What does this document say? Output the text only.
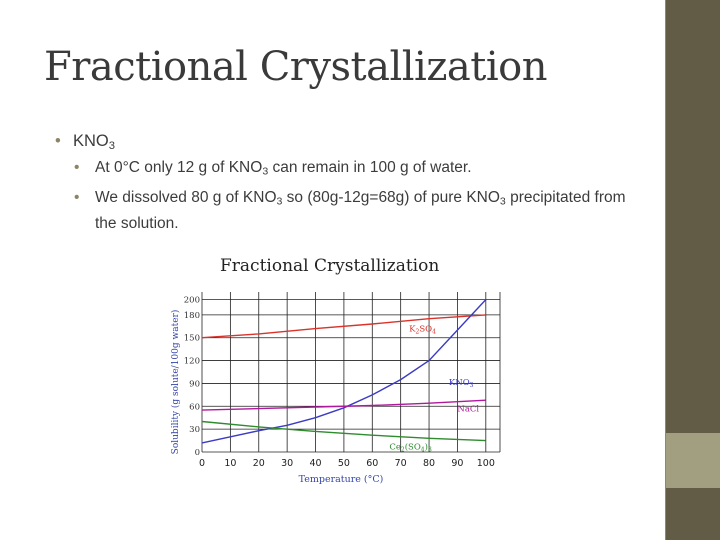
Fractional Crystallization
• $KNO_3$
• At 0°C only 12 g of $KNO_3$ can remain in 100 g of water.
• We dissolved 80 g of $KNO_3$ so (80g-12g=68g) of pure $KNO_3$ precipitated from the solution.
Fractional Crystallization
0 10 20 30 40 50 60 70 80 90 100
0
30
60
90
120
150
180
200
Temperature (°C)
Solubility (g solute/100g water)	$K_2SO_4$
$KNO_3$
NaCl
$Ce_2(SO_4)_3$
